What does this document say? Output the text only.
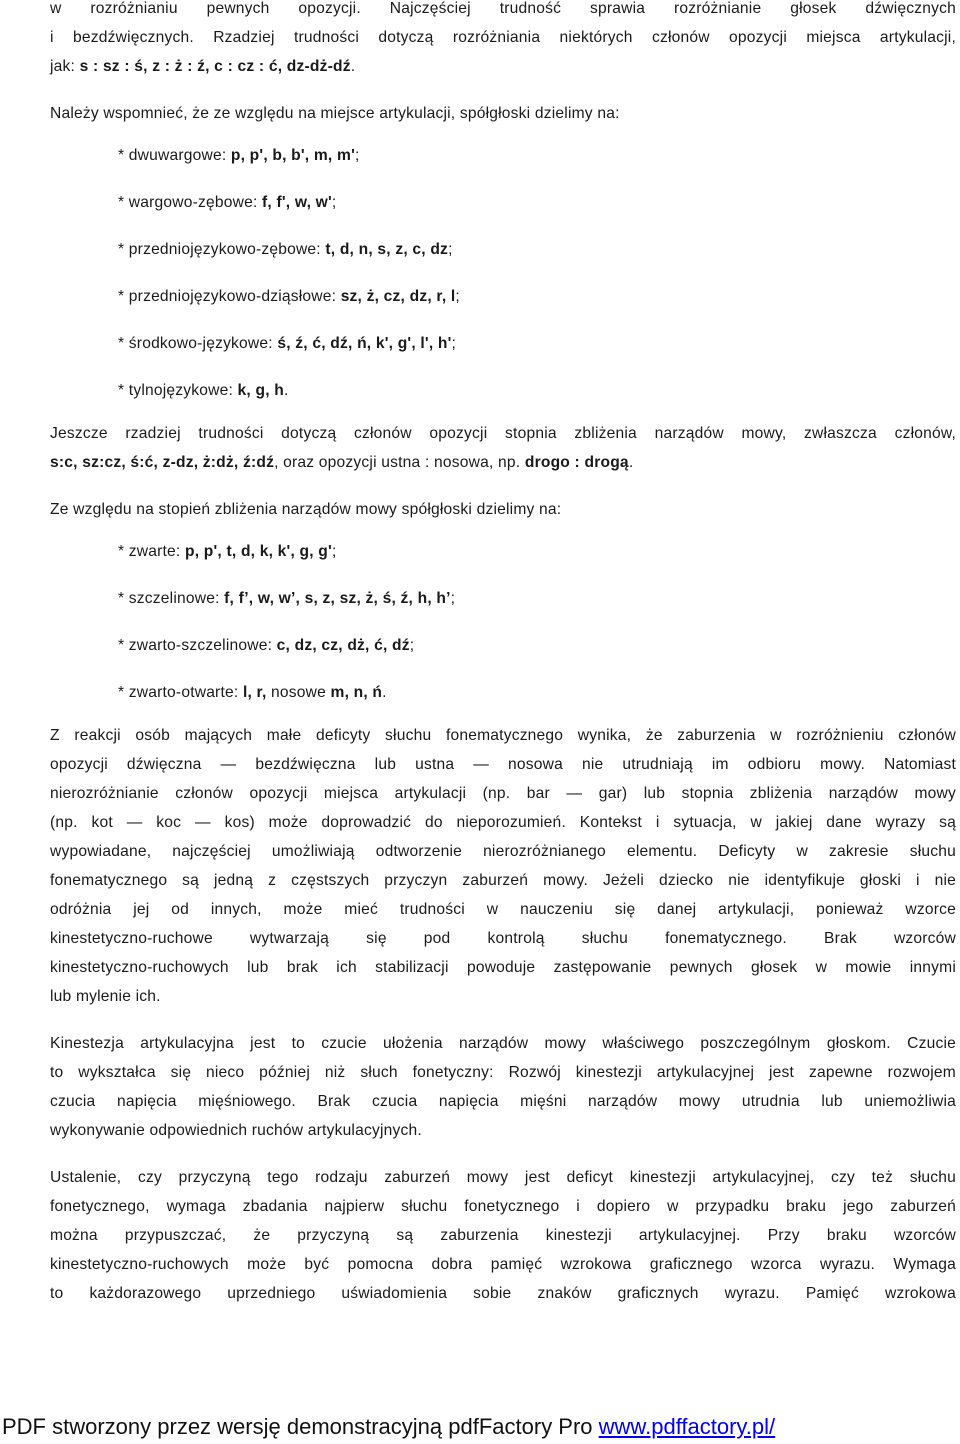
w rozróżnianiu pewnych opozycji. Najczęściej trudność sprawia rozróżnianie głosek dźwięcznych
i bezdźwięcznych. Rzadziej trudności dotyczą rozróżniania niektórych członów opozycji miejsca artykulacji,
jak: s : sz : ś, z : ż : ź, c : cz : ć, dz-dż-dź.
Należy wspomnieć, że ze względu na miejsce artykulacji, spółgłoski dzielimy na:
* dwuwargowe: p, p', b, b', m, m';
* wargowo-zębowe: f, f', w, w';
* przedniojęzykowo-zębowe: t, d, n, s, z, c, dz;
* przedniojęzykowo-dziąsłowe: sz, ż, cz, dz, r, l;
* środkowo-językowe: ś, ź, ć, dź, ń, k', g', l', h';
* tylnojęzykowe: k, g, h.
Jeszcze rzadziej trudności dotyczą członów opozycji stopnia zbliżenia narządów mowy, zwłaszcza członów,
s:c, sz:cz, ś:ć, z-dz, ż:dż, ź:dź, oraz opozycji ustna : nosowa, np. drogo : drogą.
Ze względu na stopień zbliżenia narządów mowy spółgłoski dzielimy na:
* zwarte: p, p', t, d, k, k', g, g';
* szczelinowe: f, f’, w, w’, s, z, sz, ż, ś, ź, h, h’;
* zwarto-szczelinowe: c, dz, cz, dż, ć, dź;
* zwarto-otwarte: l, r, nosowe m, n, ń.
Z reakcji osób mających małe deficyty słuchu fonematycznego wynika, że zaburzenia w rozróżnieniu członów
opozycji dźwięczna — bezdźwięczna lub ustna — nosowa nie utrudniają im odbioru mowy. Natomiast
nierozróżnianie członów opozycji miejsca artykulacji (np. bar — gar) lub stopnia zbliżenia narządów mowy
(np. kot — koc — kos) może doprowadzić do nieporozumień. Kontekst i sytuacja, w jakiej dane wyrazy są
wypowiadane, najczęściej umożliwiają odtworzenie nierozróżnianego elementu. Deficyty w zakresie słuchu
fonematycznego są jedną z częstszych przyczyn zaburzeń mowy. Jeżeli dziecko nie identyfikuje głoski i nie
odróżnia jej od innych, może mieć trudności w nauczeniu się danej artykulacji, ponieważ wzorce
kinestetyczno-ruchowe wytwarzają się pod kontrolą słuchu fonematycznego. Brak wzorców
kinestetyczno-ruchowych lub brak ich stabilizacji powoduje zastępowanie pewnych głosek w mowie innymi
lub mylenie ich.
Kinestezja artykulacyjna jest to czucie ułożenia narządów mowy właściwego poszczególnym głoskom. Czucie
to wykształca się nieco później niż słuch fonetyczny: Rozwój kinestezji artykulacyjnej jest zapewne rozwojem
czucia napięcia mięśniowego. Brak czucia napięcia mięśni narządów mowy utrudnia lub uniemożliwia
wykonywanie odpowiednich ruchów artykulacyjnych.
Ustalenie, czy przyczyną tego rodzaju zaburzeń mowy jest deficyt kinestezji artykulacyjnej, czy też słuchu
fonetycznego, wymaga zbadania najpierw słuchu fonetycznego i dopiero w przypadku braku jego zaburzeń
można przypuszczać, że przyczyną są zaburzenia kinestezji artykulacyjnej. Przy braku wzorców
kinestetyczno-ruchowych może być pomocna dobra pamięć wzrokowa graficznego wzorca wyrazu. Wymaga
to każdorazowego uprzedniego uświadomienia sobie znaków graficznych wyrazu. Pamięć wzrokowa
PDF stworzony przez wersję demonstracyjną pdfFactory Pro www.pdffactory.pl/
